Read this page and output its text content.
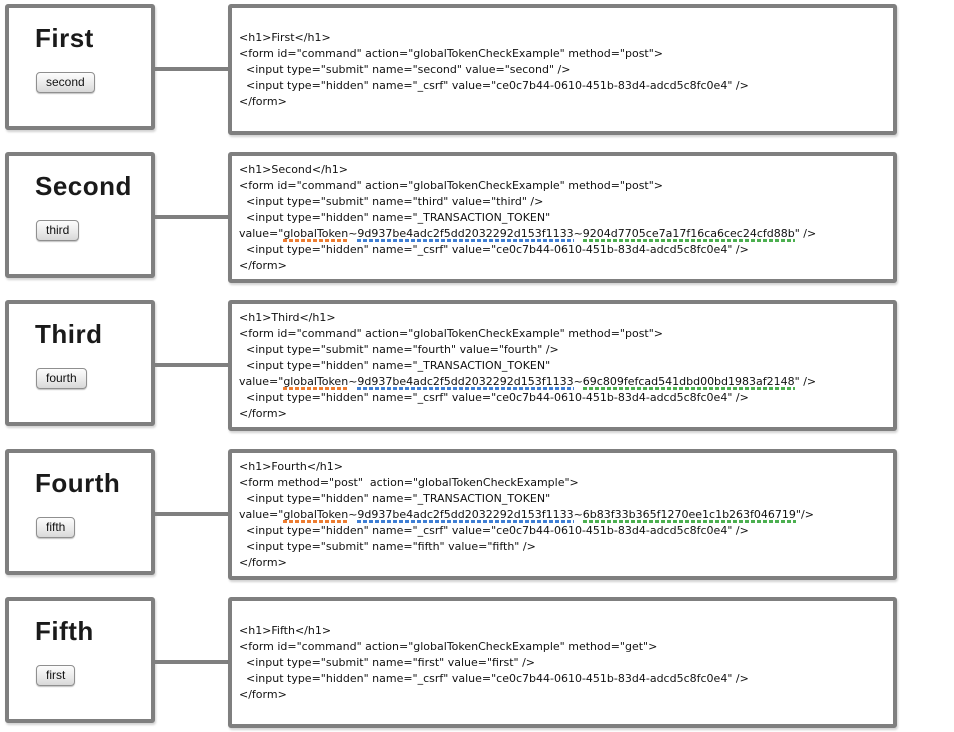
First
second
<h1>First</h1>
<form id="command" action="globalTokenCheckExample" method="post">
<input type="submit" name="second" value="second" />
<input type="hidden" name="_csrf" value="ce0c7b44-0610-451b-83d4-adcd5c8fc0e4" />
</form>
Second
third
<h1>Second</h1>
<form id="command" action="globalTokenCheckExample" method="post">
<input type="submit" name="third" value="third" />
<input type="hidden" name="_TRANSACTION_TOKEN"
value="globalToken~9d937be4adc2f5dd2032292d153f1133~9204d7705ce7a17f16ca6cec24cfd88b" />
<input type="hidden" name="_csrf" value="ce0c7b44-0610-451b-83d4-adcd5c8fc0e4" />
</form>
Third
fourth
<h1>Third</h1>
<form id="command" action="globalTokenCheckExample" method="post">
<input type="submit" name="fourth" value="fourth" />
<input type="hidden" name="_TRANSACTION_TOKEN"
value="globalToken~9d937be4adc2f5dd2032292d153f1133~69c809fefcad541dbd00bd1983af2148" />
<input type="hidden" name="_csrf" value="ce0c7b44-0610-451b-83d4-adcd5c8fc0e4" />
</form>
Fourth
fifth
<h1>Fourth</h1>
<form method="post"  action="globalTokenCheckExample">
<input type="hidden" name="_TRANSACTION_TOKEN"
value="globalToken~9d937be4adc2f5dd2032292d153f1133~6b83f33b365f1270ee1c1b263f046719"/>
<input type="hidden" name="_csrf" value="ce0c7b44-0610-451b-83d4-adcd5c8fc0e4" />
<input type="submit" name="fifth" value="fifth" />
</form>
Fifth
first
<h1>Fifth</h1>
<form id="command" action="globalTokenCheckExample" method="get">
<input type="submit" name="first" value="first" />
<input type="hidden" name="_csrf" value="ce0c7b44-0610-451b-83d4-adcd5c8fc0e4" />
</form>
